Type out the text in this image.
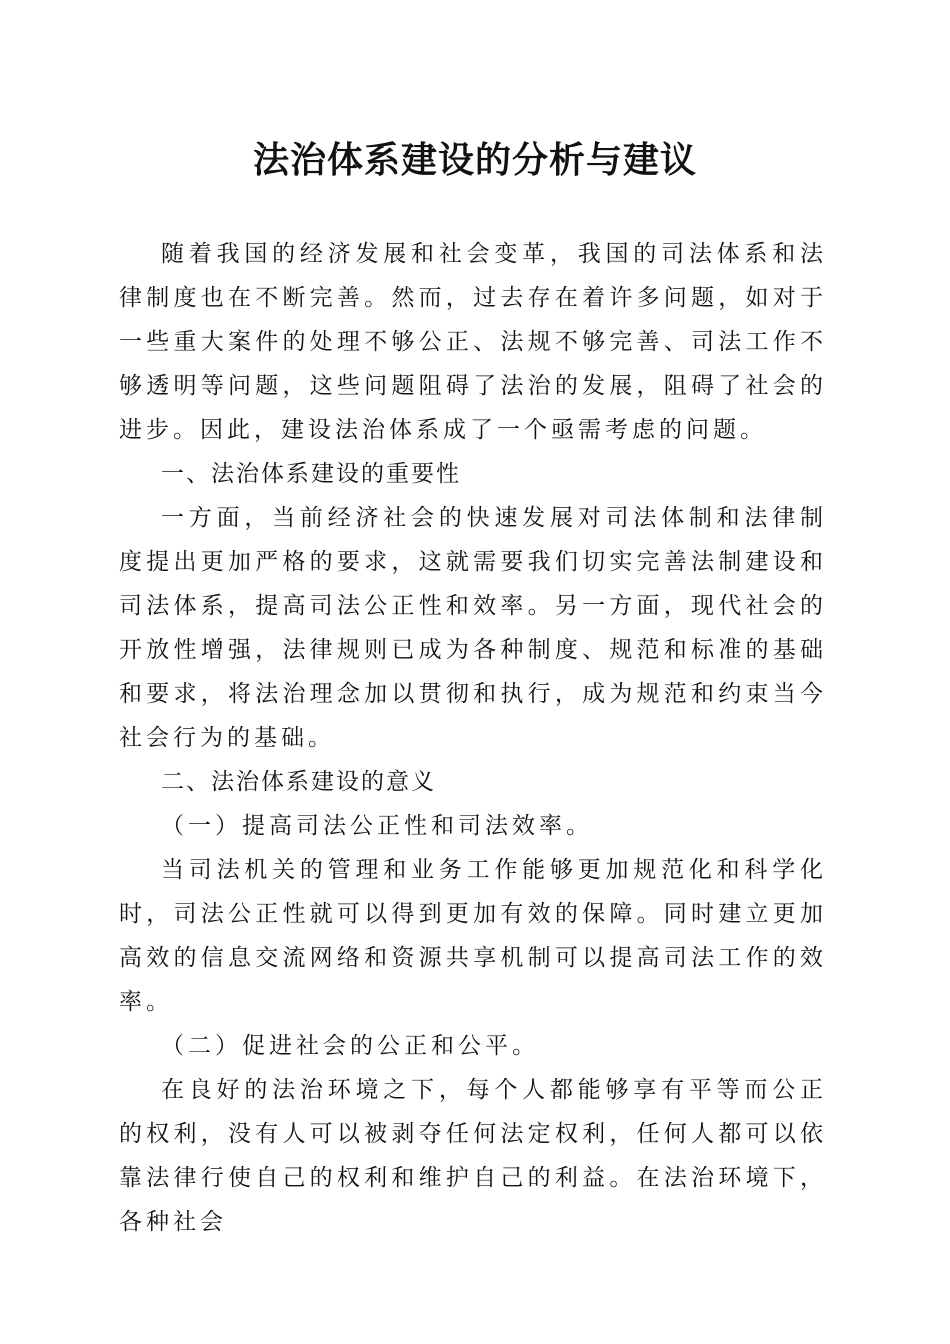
法治体系建设的分析与建议

随着我国的经济发展和社会变革，我国的司法体系和法律制度也在不断完善。然而，过去存在着许多问题，如对于一些重大案件的处理不够公正、法规不够完善、司法工作不够透明等问题，这些问题阻碍了法治的发展，阻碍了社会的进步。因此，建设法治体系成了一个亟需考虑的问题。

一、法治体系建设的重要性

一方面，当前经济社会的快速发展对司法体制和法律制度提出更加严格的要求，这就需要我们切实完善法制建设和司法体系，提高司法公正性和效率。另一方面，现代社会的开放性增强，法律规则已成为各种制度、规范和标准的基础和要求，将法治理念加以贯彻和执行，成为规范和约束当今社会行为的基础。

二、法治体系建设的意义

（一）提高司法公正性和司法效率。

当司法机关的管理和业务工作能够更加规范化和科学化时，司法公正性就可以得到更加有效的保障。同时建立更加高效的信息交流网络和资源共享机制可以提高司法工作的效率。

（二）促进社会的公正和公平。

在良好的法治环境之下，每个人都能够享有平等而公正的权利，没有人可以被剥夺任何法定权利，任何人都可以依靠法律行使自己的权利和维护自己的利益。在法治环境下，各种社会
